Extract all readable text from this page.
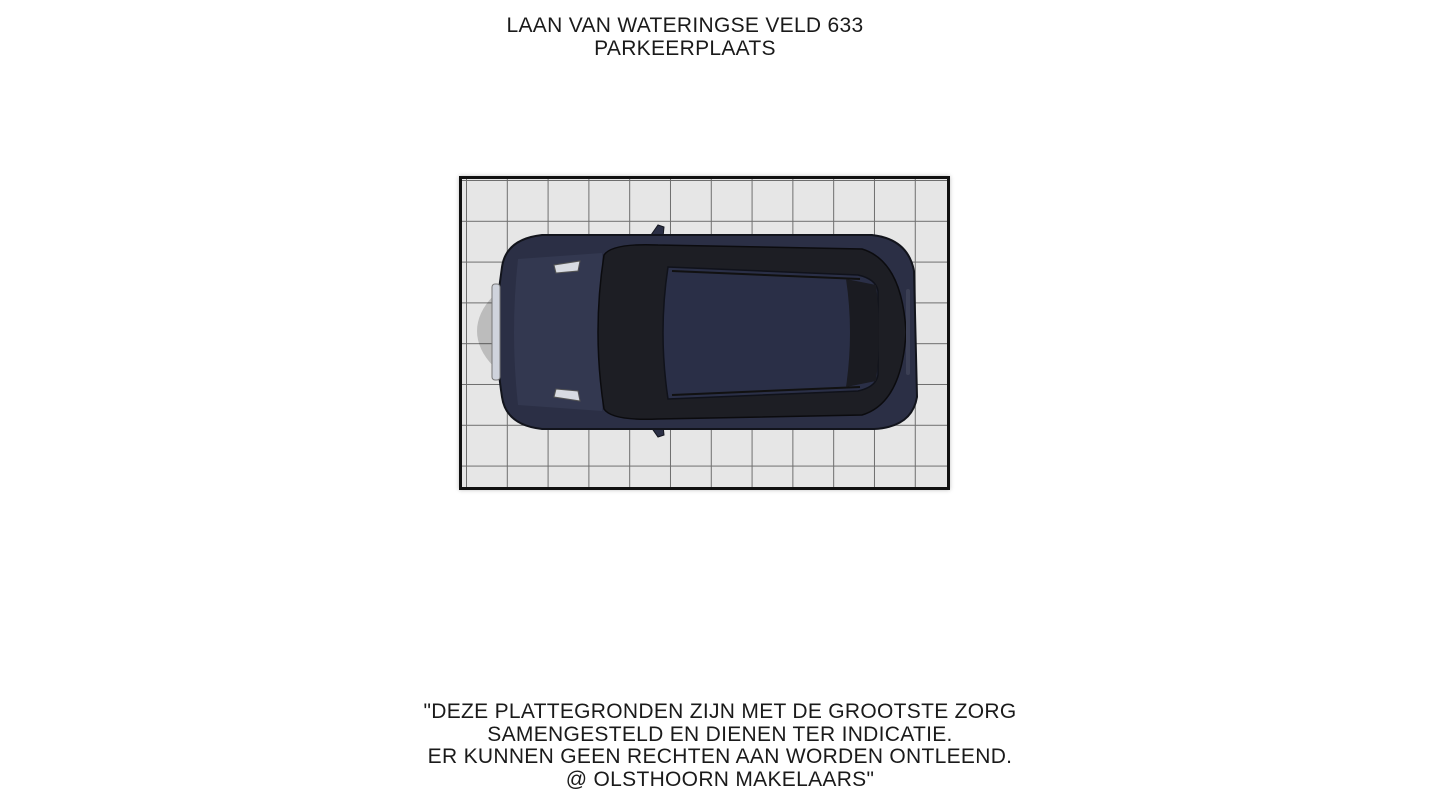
LAAN VAN WATERINGSE VELD 633
PARKEERPLAATS
"DEZE PLATTEGRONDEN ZIJN MET DE GROOTSTE ZORG
SAMENGESTELD EN DIENEN TER INDICATIE.
ER KUNNEN GEEN RECHTEN AAN WORDEN ONTLEEND.
@ OLSTHOORN MAKELAARS"
